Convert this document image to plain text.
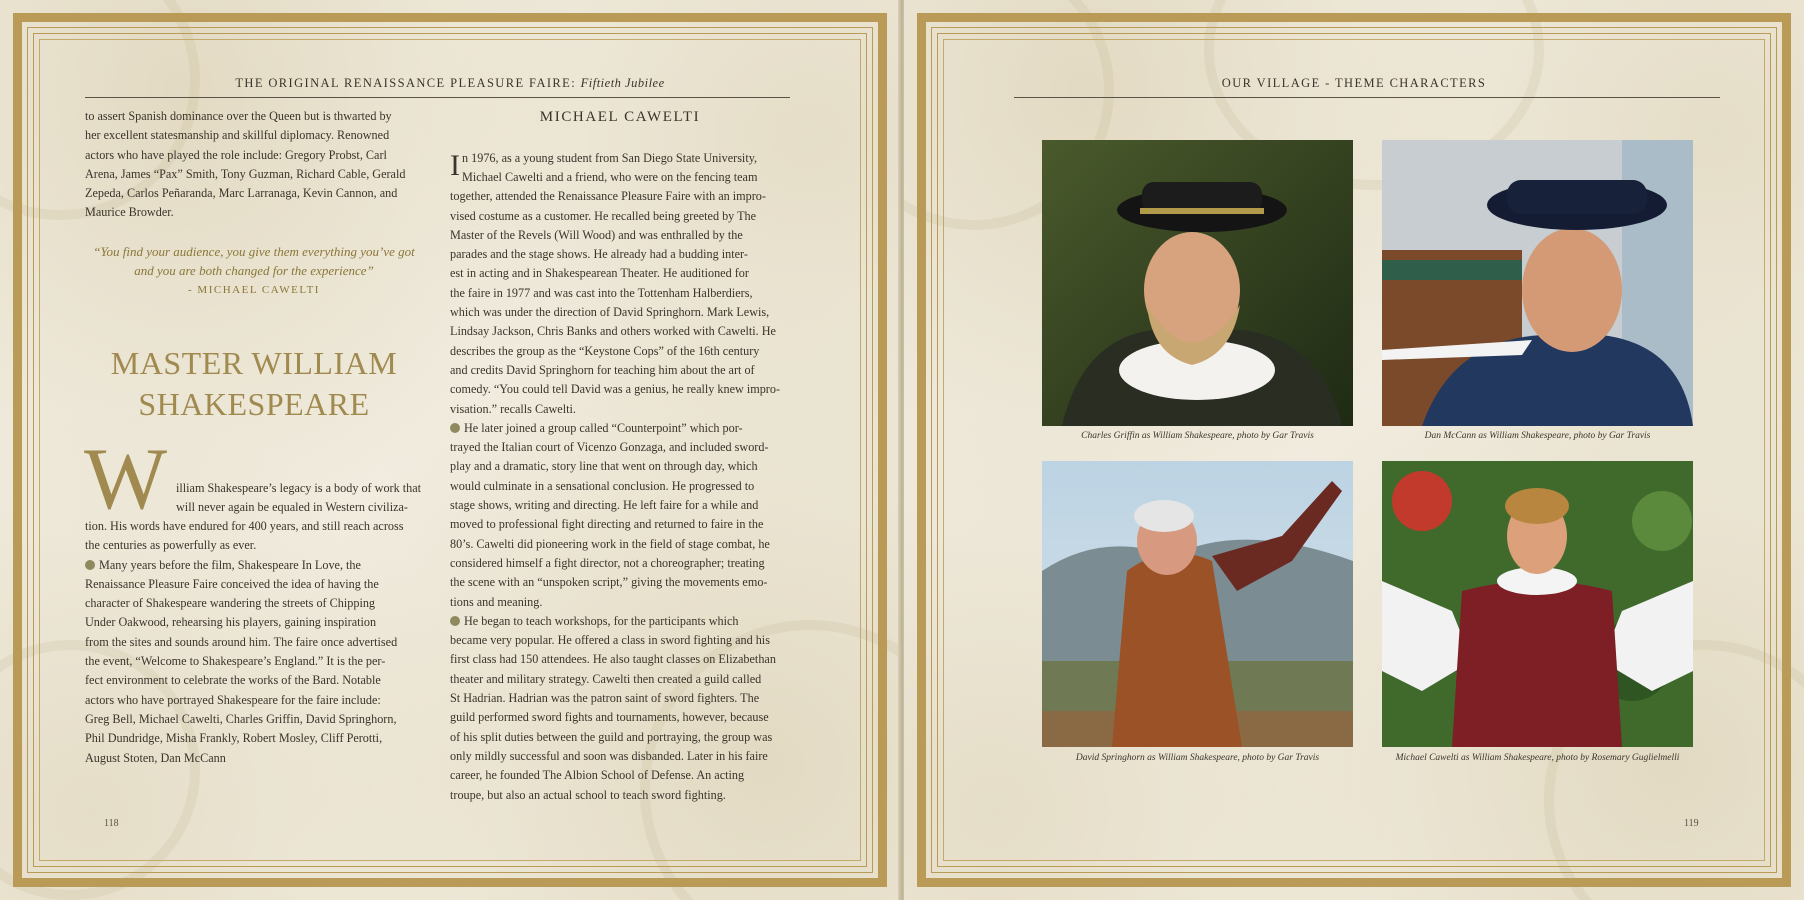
THE ORIGINAL RENAISSANCE PLEASURE FAIRE: Fiftieth Jubilee
to assert Spanish dominance over the Queen but is thwarted by
her excellent statesmanship and skillful diplomacy. Renowned
actors who have played the role include: Gregory Probst, Carl
Arena, James “Pax” Smith, Tony Guzman, Richard Cable, Gerald
Zepeda, Carlos Peñaranda, Marc Larranaga, Kevin Cannon, and
Maurice Browder.
“You find your audience, you give them everything you’ve got
and you are both changed for the experience”
- MICHAEL CAWELTI
MASTER WILLIAM
SHAKESPEARE
W illiam Shakespeare’s legacy is a body of work that
will never again be equaled in Western civiliza-
tion. His words have endured for 400 years, and still reach across
the centuries as powerfully as ever.
Many years before the film, Shakespeare In Love, the
Renaissance Pleasure Faire conceived the idea of having the
character of Shakespeare wandering the streets of Chipping
Under Oakwood, rehearsing his players, gaining inspiration
from the sites and sounds around him. The faire once advertised
the event, “Welcome to Shakespeare’s England.” It is the per-
fect environment to celebrate the works of the Bard. Notable
actors who have portrayed Shakespeare for the faire include:
Greg Bell, Michael Cawelti, Charles Griffin, David Springhorn,
Phil Dundridge, Misha Frankly, Robert Mosley, Cliff Perotti,
August Stoten, Dan McCann
MICHAEL CAWELTI
I n 1976, as a young student from San Diego State University,
Michael Cawelti and a friend, who were on the fencing team
together, attended the Renaissance Pleasure Faire with an impro-
vised costume as a customer. He recalled being greeted by The
Master of the Revels (Will Wood) and was enthralled by the
parades and the stage shows. He already had a budding inter-
est in acting and in Shakespearean Theater. He auditioned for
the faire in 1977 and was cast into the Tottenham Halberdiers,
which was under the direction of David Springhorn. Mark Lewis,
Lindsay Jackson, Chris Banks and others worked with Cawelti. He
describes the group as the “Keystone Cops” of the 16th century
and credits David Springhorn for teaching him about the art of
comedy. “You could tell David was a genius, he really knew impro-
visation.” recalls Cawelti.
He later joined a group called “Counterpoint” which por-
trayed the Italian court of Vicenzo Gonzaga, and included sword-
play and a dramatic, story line that went on through day, which
would culminate in a sensational conclusion. He progressed to
stage shows, writing and directing. He left faire for a while and
moved to professional fight directing and returned to faire in the
80’s. Cawelti did pioneering work in the field of stage combat, he
considered himself a fight director, not a choreographer; treating
the scene with an “unspoken script,” giving the movements emo-
tions and meaning.
He began to teach workshops, for the participants which
became very popular. He offered a class in sword fighting and his
first class had 150 attendees. He also taught classes on Elizabethan
theater and military strategy. Cawelti then created a guild called
St Hadrian. Hadrian was the patron saint of sword fighters. The
guild performed sword fights and tournaments, however, because
of his split duties between the guild and portraying, the group was
only mildly successful and soon was disbanded. Later in his faire
career, he founded The Albion School of Defense. An acting
troupe, but also an actual school to teach sword fighting.
118
OUR VILLAGE - THEME CHARACTERS
Charles Griffin as William Shakespeare, photo by Gar Travis	Dan McCann as William Shakespeare, photo by Gar Travis
David Springhorn as William Shakespeare, photo by Gar Travis	Michael Cawelti as William Shakespeare, photo by Rosemary Guglielmelli
119
